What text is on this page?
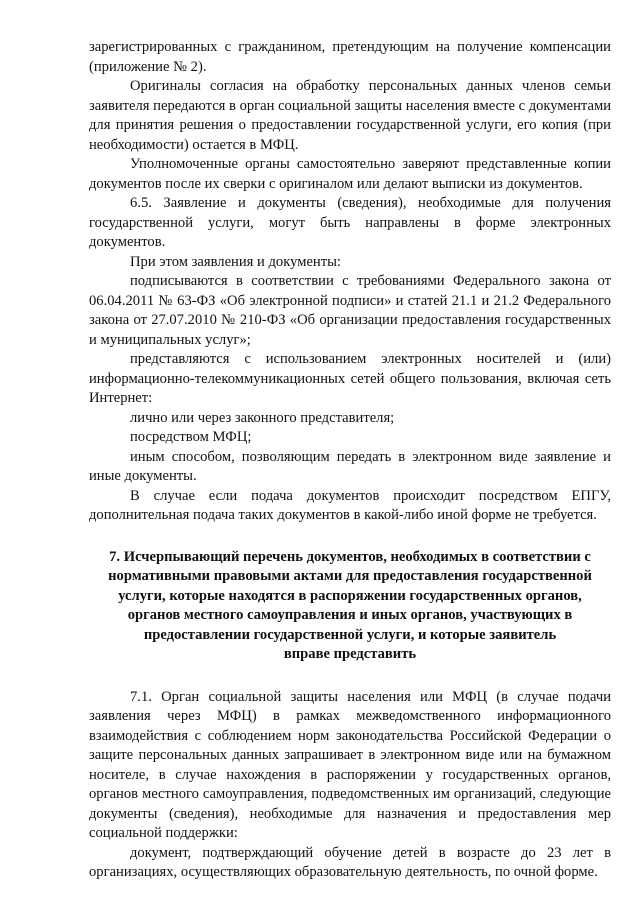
зарегистрированных с гражданином, претендующим на получение компенсации (приложение № 2).

Оригиналы согласия на обработку персональных данных членов семьи заявителя передаются в орган социальной защиты населения вместе с документами для принятия решения о предоставлении государственной услуги, его копия (при необходимости) остается в МФЦ.

Уполномоченные органы самостоятельно заверяют представленные копии документов после их сверки с оригиналом или делают выписки из документов.

6.5. Заявление и документы (сведения), необходимые для получения государственной услуги, могут быть направлены в форме электронных документов.

При этом заявления и документы:

подписываются в соответствии с требованиями Федерального закона от 06.04.2011 № 63-ФЗ «Об электронной подписи» и статей 21.1 и 21.2 Федерального закона от 27.07.2010 № 210-ФЗ «Об организации предоставления государственных и муниципальных услуг»;

представляются с использованием электронных носителей и (или) информационно-телекоммуникационных сетей общего пользования, включая сеть Интернет:

лично или через законного представителя;

посредством МФЦ;

иным способом, позволяющим передать в электронном виде заявление и иные документы.

В случае если подача документов происходит посредством ЕПГУ, дополнительная подача таких документов в какой-либо иной форме не требуется.

7. Исчерпывающий перечень документов, необходимых в соответствии с
нормативными правовыми актами для предоставления государственной
услуги, которые находятся в распоряжении государственных органов,
органов местного самоуправления и иных органов, участвующих в
предоставлении государственной услуги, и которые заявитель
вправе представить

7.1. Орган социальной защиты населения или МФЦ (в случае подачи заявления через МФЦ) в рамках межведомственного информационного взаимодействия с соблюдением норм законодательства Российской Федерации о защите персональных данных запрашивает в электронном виде или на бумажном носителе, в случае нахождения в распоряжении у государственных органов, органов местного самоуправления, подведомственных им организаций, следующие документы (сведения), необходимые для назначения и предоставления мер социальной поддержки:

документ, подтверждающий обучение детей в возрасте до 23 лет в организациях, осуществляющих образовательную деятельность, по очной форме.
